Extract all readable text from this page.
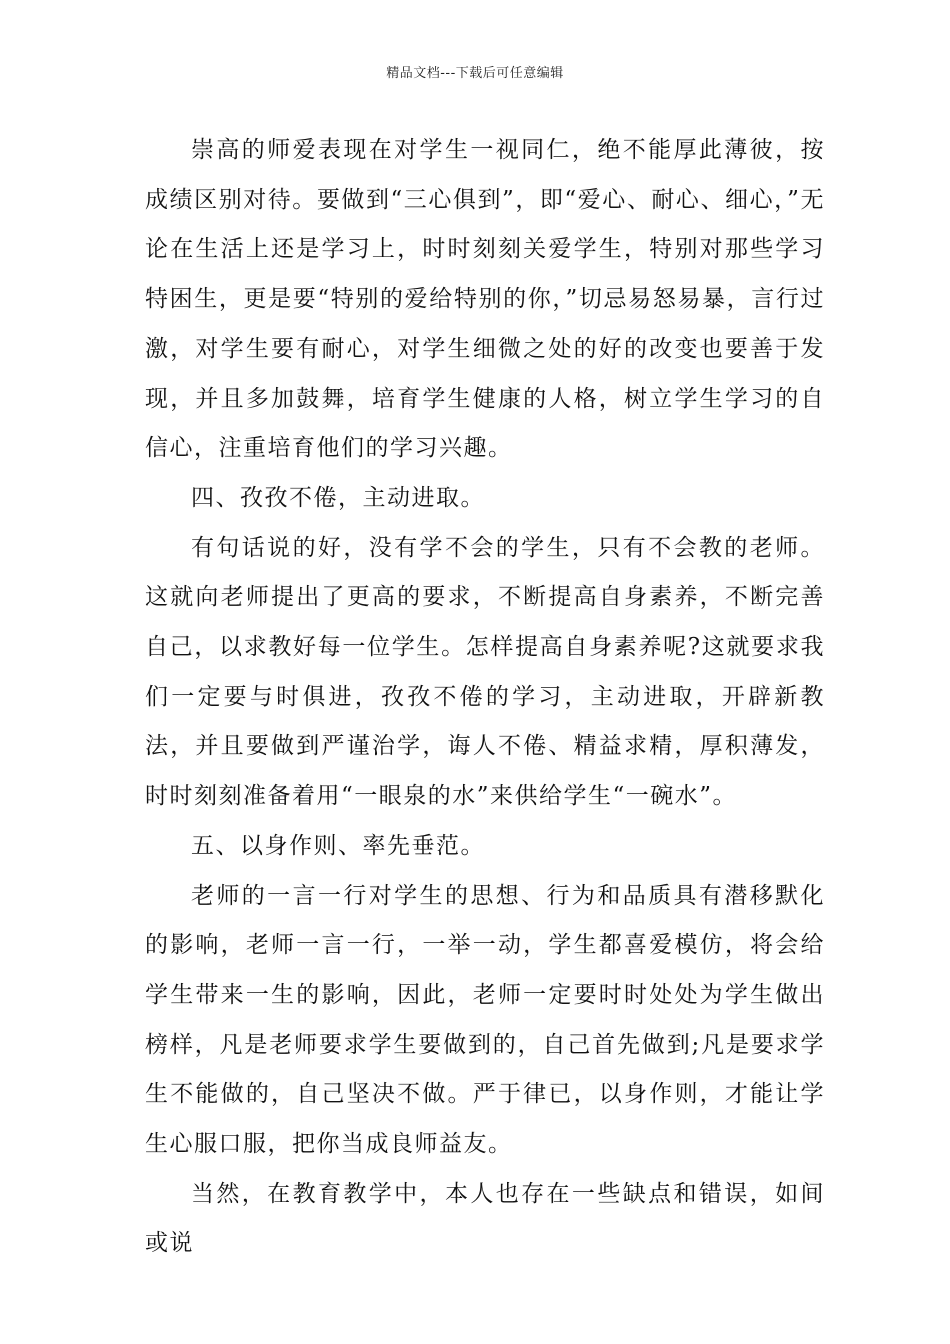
精品文档---下载后可任意编辑

崇高的师爱表现在对学生一视同仁，绝不能厚此薄彼，按成绩区别对待。要做到“三心俱到”，即“爱心、耐心、细心，”无论在生活上还是学习上，时时刻刻关爱学生，特别对那些学习特困生，更是要“特别的爱给特别的你，”切忌易怒易暴，言行过激，对学生要有耐心，对学生细微之处的好的改变也要善于发现，并且多加鼓舞，培育学生健康的人格，树立学生学习的自信心，注重培育他们的学习兴趣。

四、孜孜不倦，主动进取。

有句话说的好，没有学不会的学生，只有不会教的老师。这就向老师提出了更高的要求，不断提高自身素养，不断完善自己，以求教好每一位学生。怎样提高自身素养呢?这就要求我们一定要与时俱进，孜孜不倦的学习，主动进取，开辟新教法，并且要做到严谨治学，诲人不倦、精益求精，厚积薄发，时时刻刻准备着用“一眼泉的水”来供给学生“一碗水”。

五、以身作则、率先垂范。

老师的一言一行对学生的思想、行为和品质具有潜移默化的影响，老师一言一行，一举一动，学生都喜爱模仿，将会给学生带来一生的影响，因此，老师一定要时时处处为学生做出榜样，凡是老师要求学生要做到的，自己首先做到;凡是要求学生不能做的，自己坚决不做。严于律已，以身作则，才能让学生心服口服，把你当成良师益友。

当然，在教育教学中，本人也存在一些缺点和错误，如间或说
